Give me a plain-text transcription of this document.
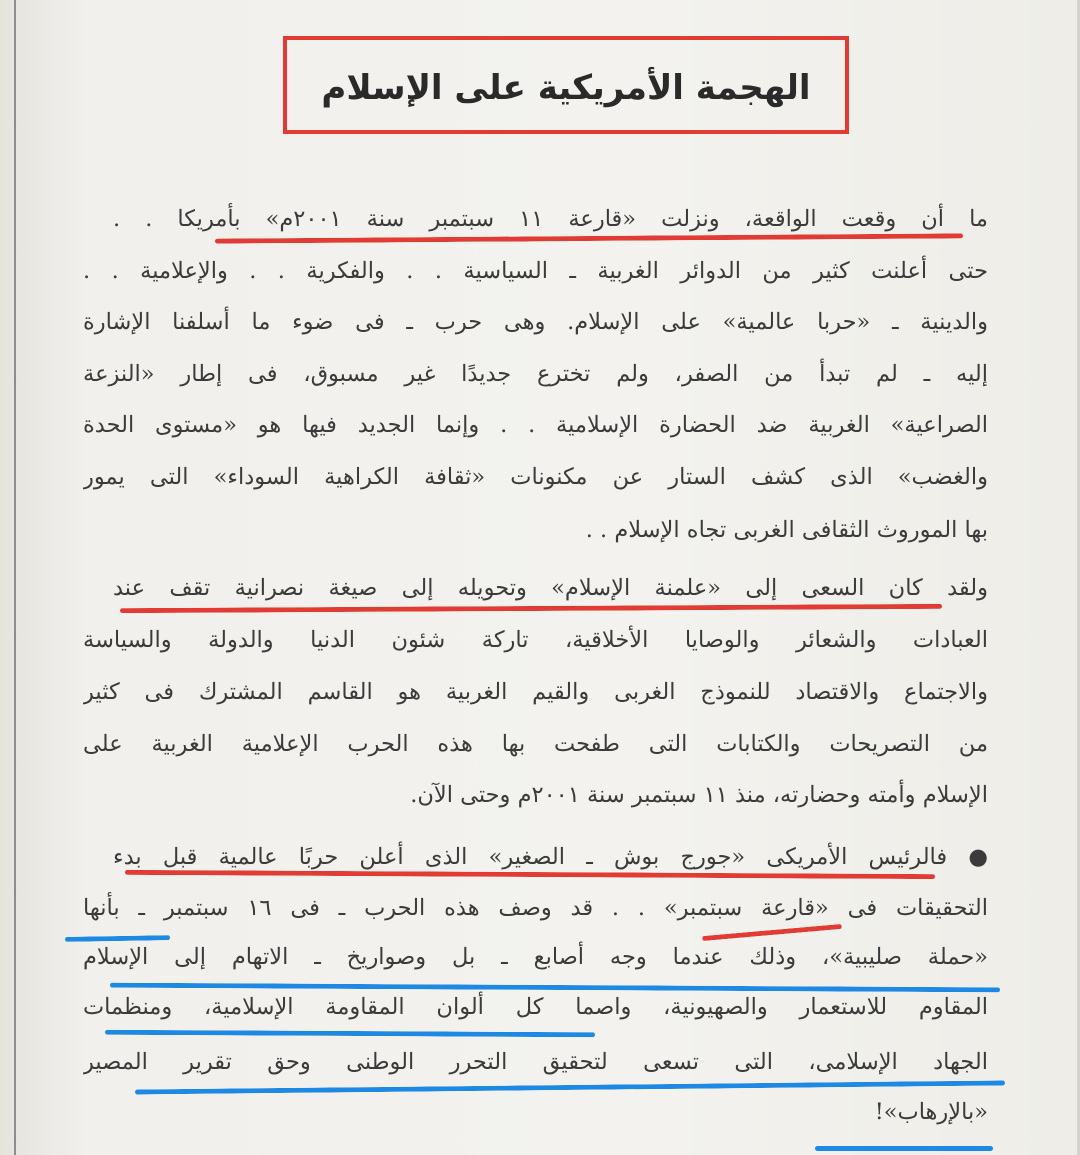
الهجمة الأمريكية على الإسلام
ما أن وقعت الواقعة، ونزلت «قارعة ١١ سبتمبر سنة ٢٠٠١م» بأمريكا . .
حتى أعلنت كثير من الدوائر الغربية ـ السياسية . . والفكرية . . والإعلامية . .
والدينية ـ «حربا عالمية» على الإسلام. وهى حرب ـ فى ضوء ما أسلفنا الإشارة
إليه ـ لم تبدأ من الصفر، ولم تخترع جديدًا غير مسبوق، فى إطار «النزعة
الصراعية» الغربية ضد الحضارة الإسلامية . . وإنما الجديد فيها هو «مستوى الحدة
والغضب» الذى كشف الستار عن مكنونات «ثقافة الكراهية السوداء» التى يمور
بها الموروث الثقافى الغربى تجاه الإسلام . .
ولقد كان السعى إلى «علمنة الإسلام» وتحويله إلى صيغة نصرانية تقف عند
العبادات والشعائر والوصايا الأخلاقية، تاركة شئون الدنيا والدولة والسياسة
والاجتماع والاقتصاد للنموذج الغربى والقيم الغربية هو القاسم المشترك فى كثير
من التصريحات والكتابات التى طفحت بها هذه الحرب الإعلامية الغربية على
الإسلام وأمته وحضارته، منذ ١١ سبتمبر سنة ٢٠٠١م وحتى الآن.
● فالرئيس الأمريكى «جورج بوش ـ الصغير» الذى أعلن حربًا عالمية قبل بدء
التحقيقات فى «قارعة سبتمبر» . . قد وصف هذه الحرب ـ فى ١٦ سبتمبر ـ بأنها
«حملة صليبية»، وذلك عندما وجه أصابع ـ بل وصواريخ ـ الاتهام إلى الإسلام
المقاوم للاستعمار والصهيونية، واصما كل ألوان المقاومة الإسلامية، ومنظمات
الجهاد الإسلامى، التى تسعى لتحقيق التحرر الوطنى وحق تقرير المصير
«بالإرهاب»!
